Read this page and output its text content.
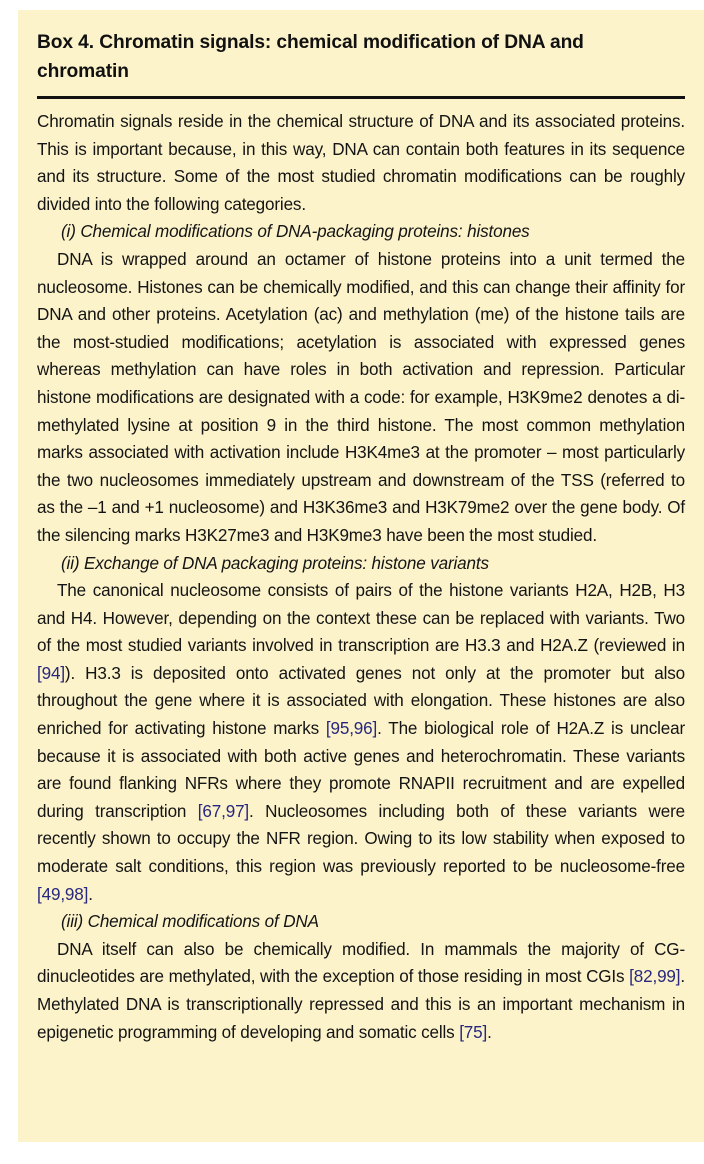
Box 4. Chromatin signals: chemical modification of DNA and chromatin

Chromatin signals reside in the chemical structure of DNA and its associated proteins. This is important because, in this way, DNA can contain both features in its sequence and its structure. Some of the most studied chromatin modifications can be roughly divided into the following categories.

(i) Chemical modifications of DNA-packaging proteins: histones

DNA is wrapped around an octamer of histone proteins into a unit termed the nucleosome. Histones can be chemically modified, and this can change their affinity for DNA and other proteins. Acetylation (ac) and methylation (me) of the histone tails are the most-studied modifications; acetylation is associated with expressed genes whereas methylation can have roles in both activation and repression. Particular histone modifications are designated with a code: for example, H3K9me2 denotes a di-methylated lysine at position 9 in the third histone. The most common methylation marks associated with activation include H3K4me3 at the promoter – most particularly the two nucleosomes immediately upstream and downstream of the TSS (referred to as the –1 and +1 nucleosome) and H3K36me3 and H3K79me2 over the gene body. Of the silencing marks H3K27me3 and H3K9me3 have been the most studied.

(ii) Exchange of DNA packaging proteins: histone variants

The canonical nucleosome consists of pairs of the histone variants H2A, H2B, H3 and H4. However, depending on the context these can be replaced with variants. Two of the most studied variants involved in transcription are H3.3 and H2A.Z (reviewed in [94]). H3.3 is deposited onto activated genes not only at the promoter but also throughout the gene where it is associated with elongation. These histones are also enriched for activating histone marks [95,96]. The biological role of H2A.Z is unclear because it is associated with both active genes and heterochromatin. These variants are found flanking NFRs where they promote RNAPII recruitment and are expelled during transcription [67,97]. Nucleosomes including both of these variants were recently shown to occupy the NFR region. Owing to its low stability when exposed to moderate salt conditions, this region was previously reported to be nucleosome-free [49,98].

(iii) Chemical modifications of DNA

DNA itself can also be chemically modified. In mammals the majority of CG-dinucleotides are methylated, with the exception of those residing in most CGIs [82,99]. Methylated DNA is transcriptionally repressed and this is an important mechanism in epigenetic programming of developing and somatic cells [75].
